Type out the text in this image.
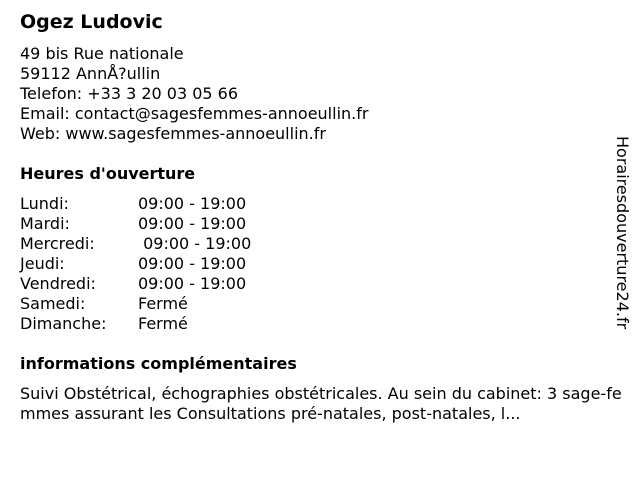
Ogez Ludovic
49 bis Rue nationale
59112 AnnÅ?ullin
Telefon: +33 3 20 03 05 66
Email: contact@sagesfemmes-annoeullin.fr
Web: www.sagesfemmes-annoeullin.fr
Heures d'ouverture
Lundi:	09:00 - 19:00
Mardi:	09:00 - 19:00
Mercredi:	09:00 - 19:00
Jeudi:	09:00 - 19:00
Vendredi:	09:00 - 19:00
Samedi:	Fermé
Dimanche: Fermé
informations complémentaires
Suivi Obstétrical, échographies obstétricales. Au sein du cabinet: 3 sage-femmes assurant les Consultations pré-natales, post-natales, l...
Horairesdouverture24.fr
